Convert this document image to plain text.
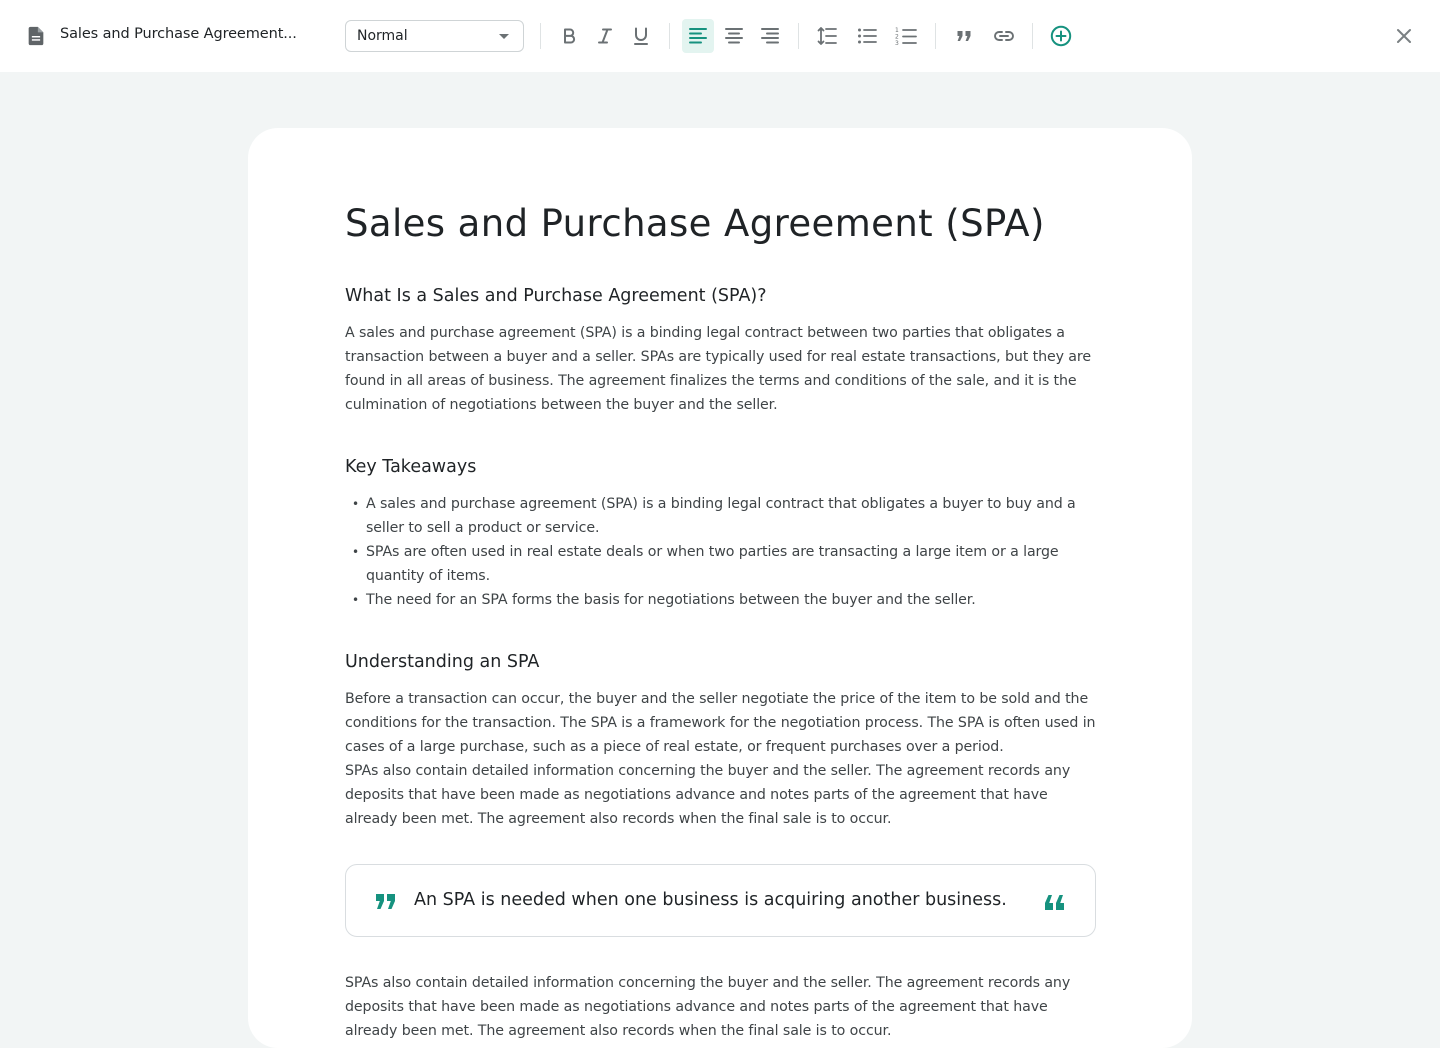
Sales and Purchase Agreement...	Normal	1
2
3
Sales and Purchase Agreement (SPA)
What Is a Sales and Purchase Agreement (SPA)?
A sales and purchase agreement (SPA) is a binding legal contract between two parties that obligates a transaction between a buyer and a seller. SPAs are typically used for real estate transactions, but they are found in all areas of business. The agreement finalizes the terms and conditions of the sale, and it is the culmination of negotiations between the buyer and the seller.
Key Takeaways
• A sales and purchase agreement (SPA) is a binding legal contract that obligates a buyer to buy and a seller to sell a product or service.
• SPAs are often used in real estate deals or when two parties are transacting a large item or a large quantity of items.
• The need for an SPA forms the basis for negotiations between the buyer and the seller.
Understanding an SPA
Before a transaction can occur, the buyer and the seller negotiate the price of the item to be sold and the conditions for the transaction. The SPA is a framework for the negotiation process. The SPA is often used in cases of a large purchase, such as a piece of real estate, or frequent purchases over a period.
SPAs also contain detailed information concerning the buyer and the seller. The agreement records any deposits that have been made as negotiations advance and notes parts of the agreement that have already been met. The agreement also records when the final sale is to occur.
An SPA is needed when one business is acquiring another business.
SPAs also contain detailed information concerning the buyer and the seller. The agreement records any deposits that have been made as negotiations advance and notes parts of the agreement that have already been met. The agreement also records when the final sale is to occur.
